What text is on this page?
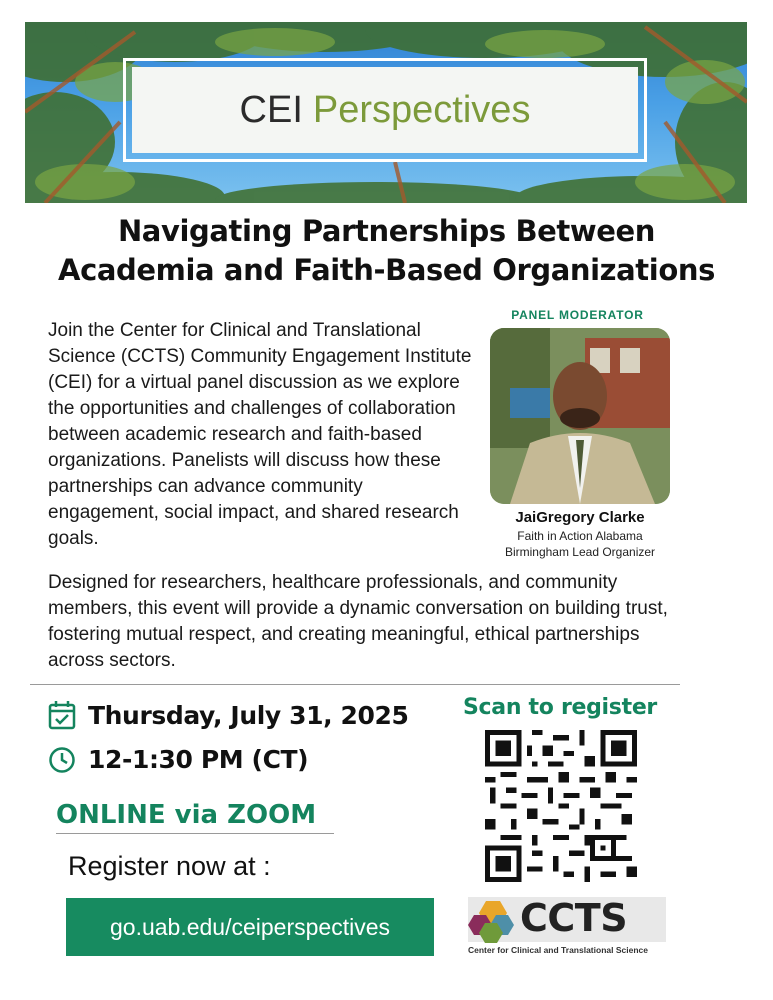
CEI Perspectives
Navigating Partnerships Between
Academia and Faith-Based Organizations
Join the Center for Clinical and Translational Science (CCTS) Community Engagement Institute (CEI) for a virtual panel discussion as we explore the opportunities and challenges of collaboration between academic research and faith-based organizations. Panelists will discuss how these partnerships can advance community engagement, social impact, and shared research goals.
Designed for researchers, healthcare professionals, and community members, this event will provide a dynamic conversation on building trust, fostering mutual respect, and creating meaningful, ethical partnerships across sectors.
PANEL MODERATOR
JaiGregory Clarke
Faith in Action Alabama
Birmingham Lead Organizer
Thursday, July 31, 2025
12-1:30 PM (CT)
ONLINE via ZOOM
Register now at :
go.uab.edu/ceiperspectives
Scan to register
CCTS
Center for Clinical and Translational Science
